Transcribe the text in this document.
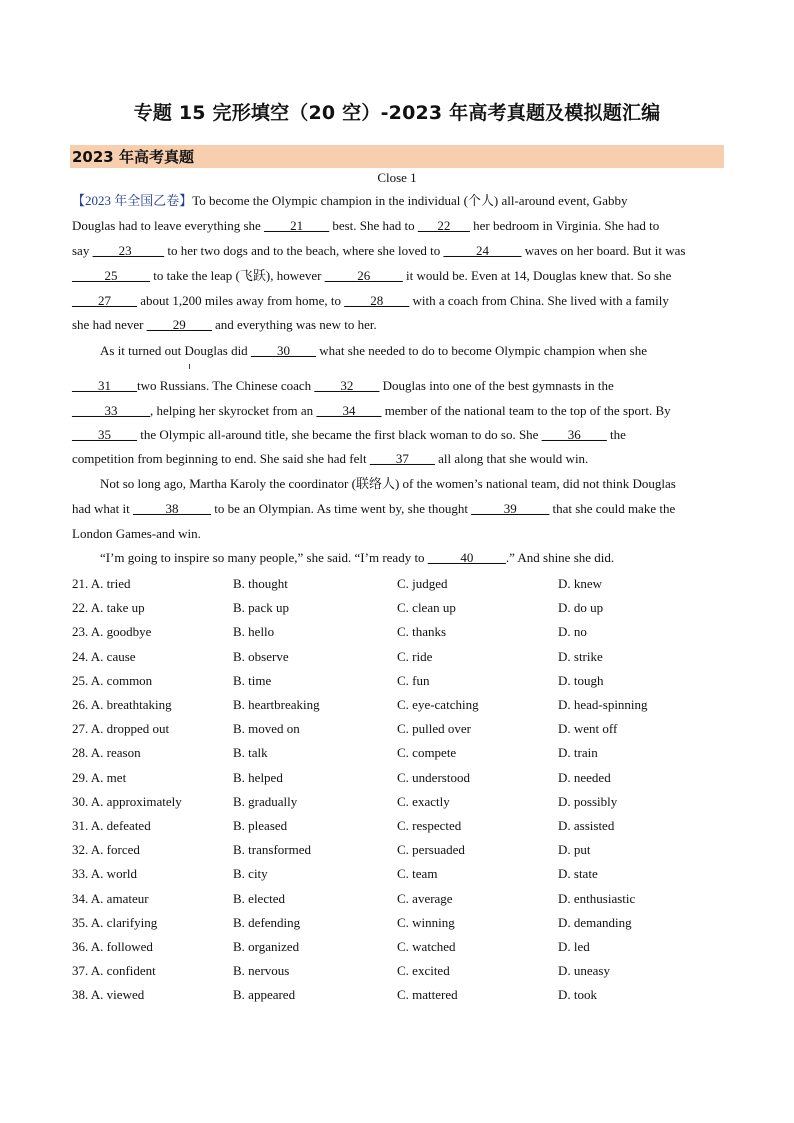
专题 15 完形填空（20 空）-2023 年高考真题及模拟题汇编
2023 年高考真题
Close 1
【2023 年全国乙卷】To become the Olympic champion in the individual (个人) all-around event, Gabby
Douglas had to leave everything she ____21____ best. She had to ___22___ her bedroom in Virginia. She had to
say ____23_____ to her two dogs and to the beach, where she loved to _____24_____ waves on her board. But it was
_____25_____ to take the leap (飞跃), however _____26_____ it would be. Even at 14, Douglas knew that. So she
____27____ about 1,200 miles away from home, to ____28____ with a coach from China. She lived with a family
she had never ____29____ and everything was new to her.
As it turned out Douglas did ____30____ what she needed to do to become Olympic champion when she
____31____two Russians. The Chinese coach ____32____ Douglas into one of the best gymnasts in the
_____33_____, helping her skyrocket from an ____34____ member of the national team to the top of the sport. By
____35____ the Olympic all-around title, she became the first black woman to do so. She ____36____ the
competition from beginning to end. She said she had felt ____37____ all along that she would win.
Not so long ago, Martha Karoly the coordinator (联络人) of the women’s national team, did not think Douglas
had what it _____38_____ to be an Olympian. As time went by, she thought _____39_____ that she could make the
London Games-and win.
“I’m going to inspire so many people,” she said. “I’m ready to _____40_____.” And shine she did.
21. A. tried	B. thought	C. judged	D. knew
22. A. take up	B. pack up	C. clean up	D. do up
23. A. goodbye	B. hello	C. thanks	D. no
24. A. cause	B. observe	C. ride	D. strike
25. A. common	B. time	C. fun	D. tough
26. A. breathtaking	B. heartbreaking	C. eye-catching	D. head-spinning
27. A. dropped out	B. moved on	C. pulled over	D. went off
28. A. reason	B. talk	C. compete	D. train
29. A. met	B. helped	C. understood	D. needed
30. A. approximately	B. gradually	C. exactly	D. possibly
31. A. defeated	B. pleased	C. respected	D. assisted
32. A. forced	B. transformed	C. persuaded	D. put
33. A. world	B. city	C. team	D. state
34. A. amateur	B. elected	C. average	D. enthusiastic
35. A. clarifying	B. defending	C. winning	D. demanding
36. A. followed	B. organized	C. watched	D. led
37. A. confident	B. nervous	C. excited	D. uneasy
38. A. viewed	B. appeared	C. mattered	D. took
